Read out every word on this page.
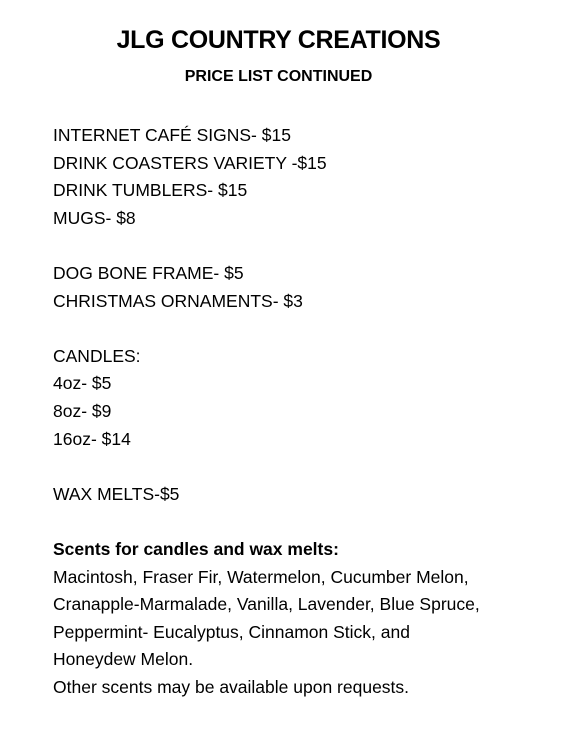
JLG COUNTRY CREATIONS
PRICE LIST CONTINUED
INTERNET CAFÉ SIGNS- $15
DRINK COASTERS VARIETY -$15
DRINK TUMBLERS- $15
MUGS- $8
DOG BONE FRAME- $5
CHRISTMAS ORNAMENTS- $3
CANDLES:
4oz- $5
8oz- $9
16oz- $14
WAX MELTS-$5
Scents for candles and wax melts:
Macintosh, Fraser Fir, Watermelon, Cucumber Melon,
Cranapple-Marmalade, Vanilla, Lavender, Blue Spruce,
Peppermint- Eucalyptus, Cinnamon Stick, and
Honeydew Melon.
Other scents may be available upon requests.
